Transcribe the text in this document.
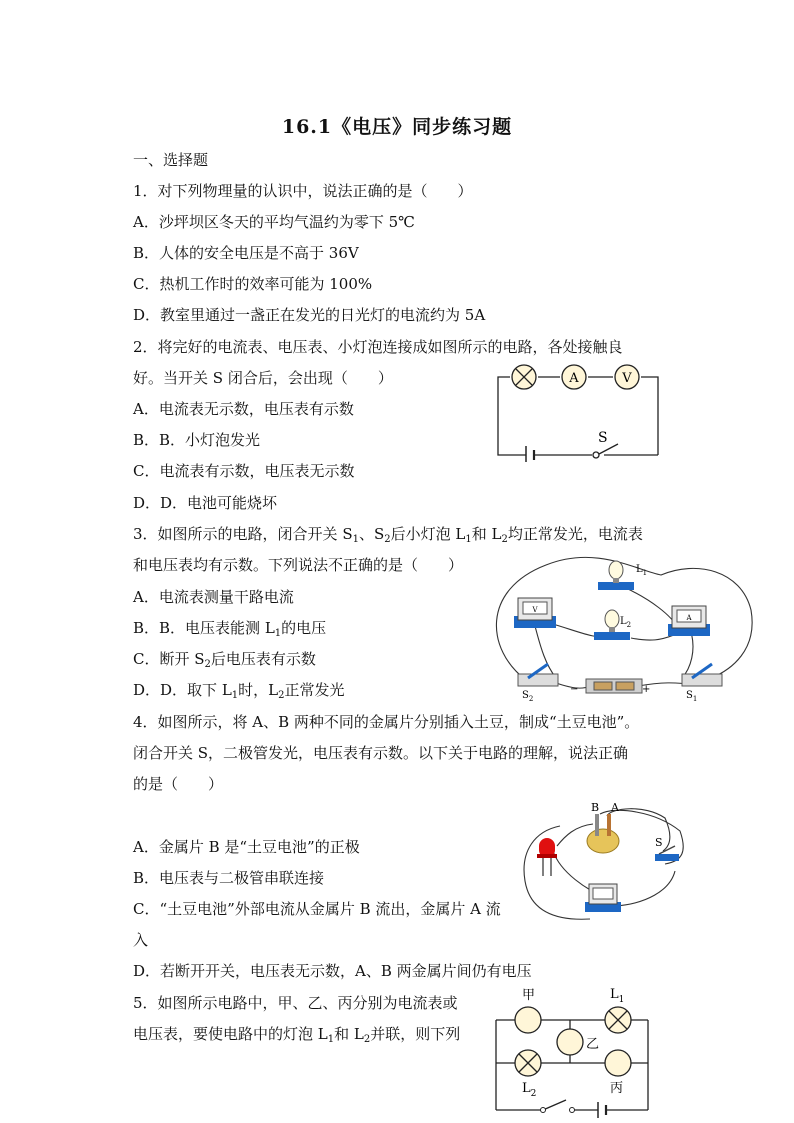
16.1《电压》同步练习题
一、选择题
1．对下列物理量的认识中，说法正确的是（　　）
A．沙坪坝区冬天的平均气温约为零下 5℃
B．人体的安全电压是不高于 36V
C．热机工作时的效率可能为 100%
D．教室里通过一盏正在发光的日光灯的电流约为 5A
2．将完好的电流表、电压表、小灯泡连接成如图所示的电路，各处接触良
好。当开关 S 闭合后，会出现（　　）
A．电流表无示数，电压表有示数
B．B．小灯泡发光
C．电流表有示数，电压表无示数
D．D．电池可能烧坏
A	V
S
3．如图所示的电路，闭合开关 $S_1$、$S_2$后小灯泡 $L_1$和 $L_2$均正常发光，电流表
和电压表均有示数。下列说法不正确的是（　　）
A．电流表测量干路电流
B．B．电压表能测 $L_1$的电压
C．断开 $S_2$后电压表有示数
D．D．取下 $L_1$时，$L_2$正常发光
V
A
$L_1$
$L_2$
$S_2$	$S_1$
−	+
4．如图所示，将 A、B 两种不同的金属片分别插入土豆，制成“土豆电池”。
闭合开关 S，二极管发光，电压表有示数。以下关于电路的理解，说法正确
的是（　　）
A．金属片 B 是“土豆电池”的正极
B．电压表与二极管串联连接
C．“土豆电池”外部电流从金属片 B 流出，金属片 A 流
入
D．若断开开关，电压表无示数，A、B 两金属片间仍有电压
B A
S
5．如图所示电路中，甲、乙、丙分别为电流表或
电压表，要使电路中的灯泡 $L_1$和 $L_2$并联，则下列
甲	$L_1$
乙
$L_2$	丙
